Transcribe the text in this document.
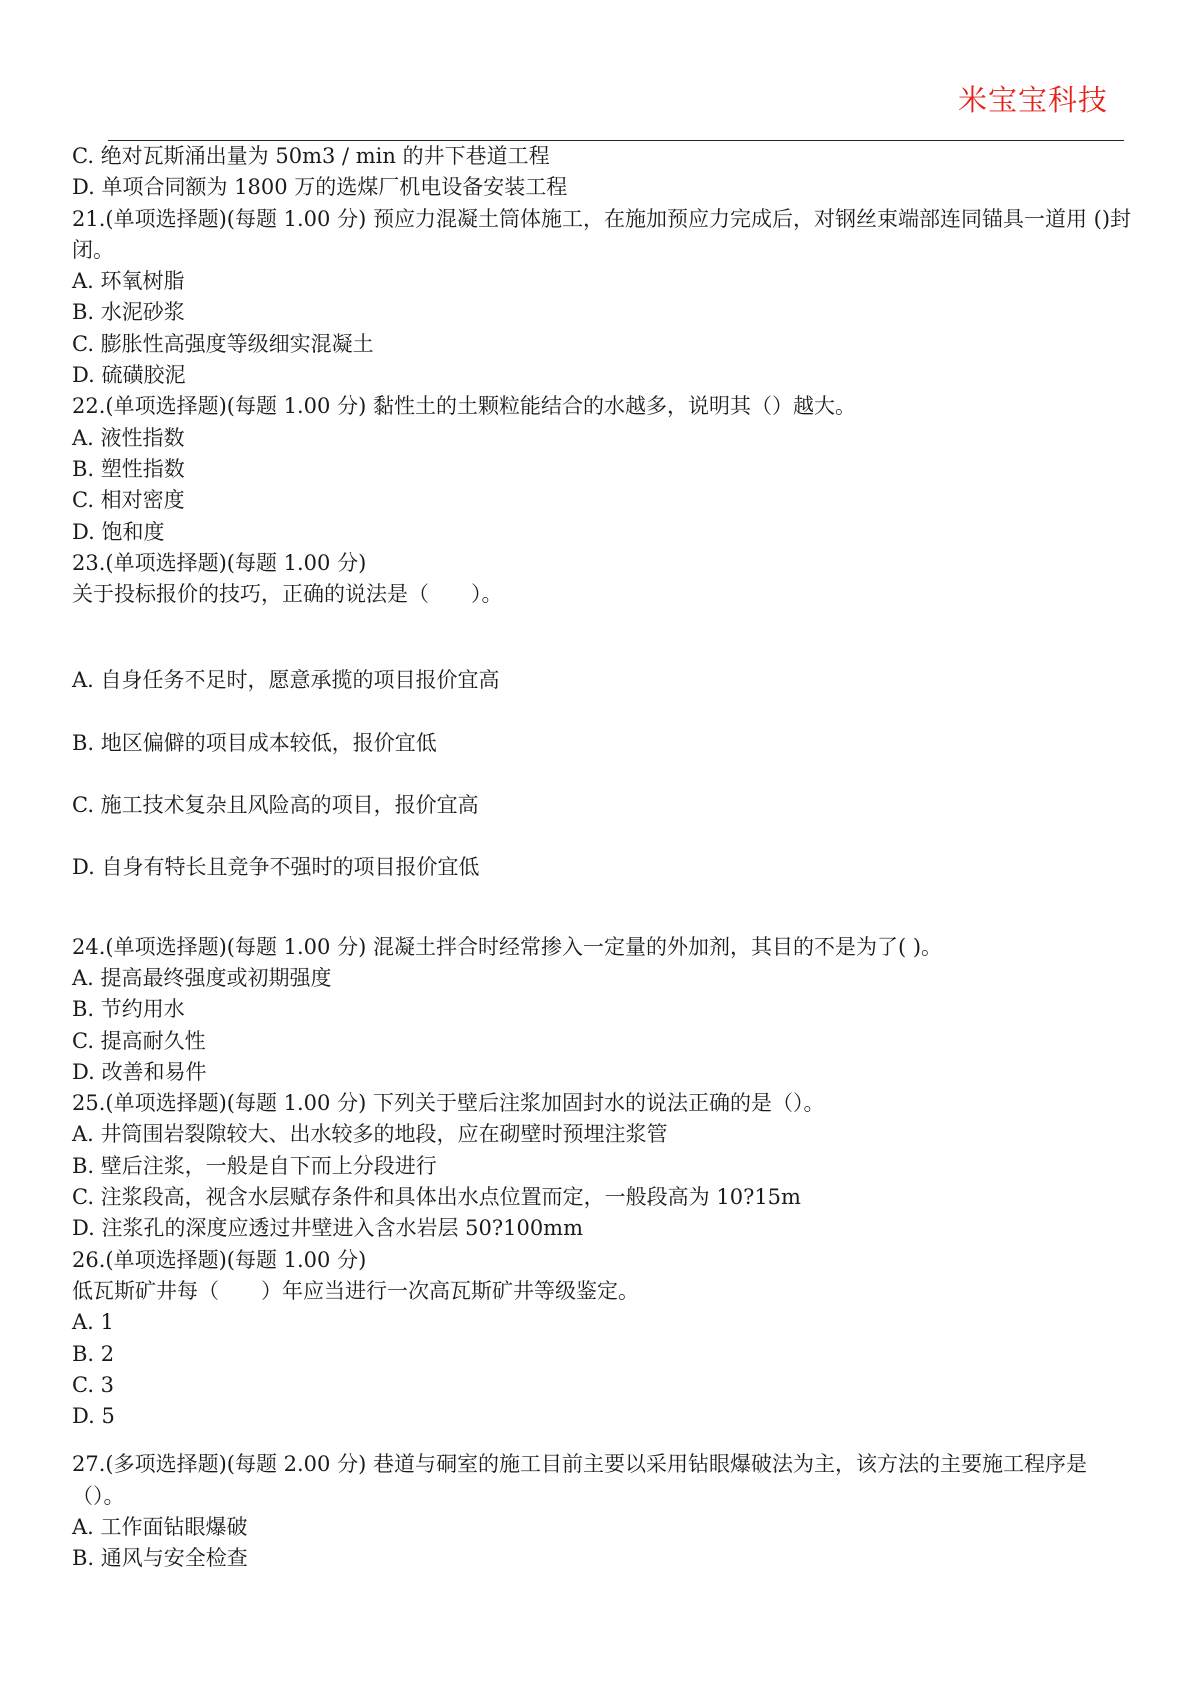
米宝宝科技
C. 绝对瓦斯涌出量为 50m3 / min 的井下巷道工程
D. 单项合同额为 1800 万的选煤厂机电设备安装工程
21.(单项选择题)(每题 1.00 分) 预应力混凝土筒体施工，在施加预应力完成后，对钢丝束端部连同锚具一道用 ()封闭。
A. 环氧树脂
B. 水泥砂浆
C. 膨胀性高强度等级细实混凝土
D. 硫磺胶泥
22.(单项选择题)(每题 1.00 分) 黏性土的土颗粒能结合的水越多，说明其（）越大。
A. 液性指数
B. 塑性指数
C. 相对密度
D. 饱和度
23.(单项选择题)(每题 1.00 分)
关于投标报价的技巧，正确的说法是（　　）。
A. 自身任务不足时，愿意承揽的项目报价宜高
B. 地区偏僻的项目成本较低，报价宜低
C. 施工技术复杂且风险高的项目，报价宜高
D. 自身有特长且竞争不强时的项目报价宜低
24.(单项选择题)(每题 1.00 分) 混凝土拌合时经常掺入一定量的外加剂，其目的不是为了( )。
A. 提高最终强度或初期强度
B. 节约用水
C. 提高耐久性
D. 改善和易件
25.(单项选择题)(每题 1.00 分) 下列关于壁后注浆加固封水的说法正确的是（）。
A. 井筒围岩裂隙较大、出水较多的地段，应在砌壁时预埋注浆管
B. 壁后注浆，一般是自下而上分段进行
C. 注浆段高，视含水层赋存条件和具体出水点位置而定，一般段高为 10?15m
D. 注浆孔的深度应透过井壁进入含水岩层 50?100mm
26.(单项选择题)(每题 1.00 分)
低瓦斯矿井每（　　）年应当进行一次高瓦斯矿井等级鉴定。
A. 1
B. 2
C. 3
D. 5
27.(多项选择题)(每题 2.00 分) 巷道与硐室的施工目前主要以采用钻眼爆破法为主，该方法的主要施工程序是（）。
A. 工作面钻眼爆破
B. 通风与安全检查
